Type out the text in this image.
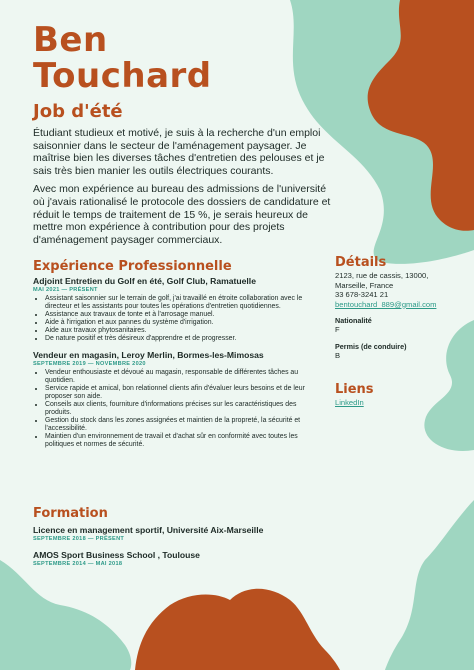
Ben
Touchard
Job d'été

Étudiant studieux et motivé, je suis à la recherche d'un emploi saisonnier dans le secteur de l'aménagement paysager. Je maîtrise bien les diverses tâches d'entretien des pelouses et je sais très bien manier les outils électriques courants.

Avec mon expérience au bureau des admissions de l'université où j'avais rationalisé le protocole des dossiers de candidature et réduit le temps de traitement de 15 %, je serais heureux de mettre mon expérience à contribution pour des projets d'aménagement paysager commerciaux.

Expérience Professionnelle
Adjoint Entretien du Golf en été, Golf Club, Ramatuelle
MAI 2021 — PRÉSENT
• Assistant saisonnier sur le terrain de golf, j'ai travaillé en étroite collaboration avec le directeur et les assistants pour toutes les opérations d'entretien quotidiennes.
• Assistance aux travaux de tonte et à l'arrosage manuel.
• Aide à l'irrigation et aux pannes du système d'irrigation.
• Aide aux travaux phytosanitaires.
• De nature positif et très désireux d'apprendre et de progresser.
Vendeur en magasin, Leroy Merlin, Bormes-les-Mimosas
SEPTEMBRE 2019 — NOVEMBRE 2020
• Vendeur enthousiaste et dévoué au magasin, responsable de différentes tâches au quotidien.
• Service rapide et amical, bon relationnel clients afin d'évaluer leurs besoins et de leur proposer son aide.
• Conseils aux clients, fourniture d'informations précises sur les caractéristiques des produits.
• Gestion du stock dans les zones assignées et maintien de la propreté, la sécurité et l'accessibilité.
• Maintien d'un environnement de travail et d'achat sûr en conformité avec toutes les politiques et normes de sécurité.
Formation
Licence en management sportif, Université Aix-Marseille
SEPTEMBRE 2018 — PRÉSENT
AMOS Sport Business School , Toulouse
SEPTEMBRE 2014 — MAI 2018
Détails
2123, rue de cassis, 13000,
Marseille, France
33 678-3241 21
bentouchard_889@gmail.com
Nationalité
F
Permis (de conduire)
B
Liens
LinkedIn
